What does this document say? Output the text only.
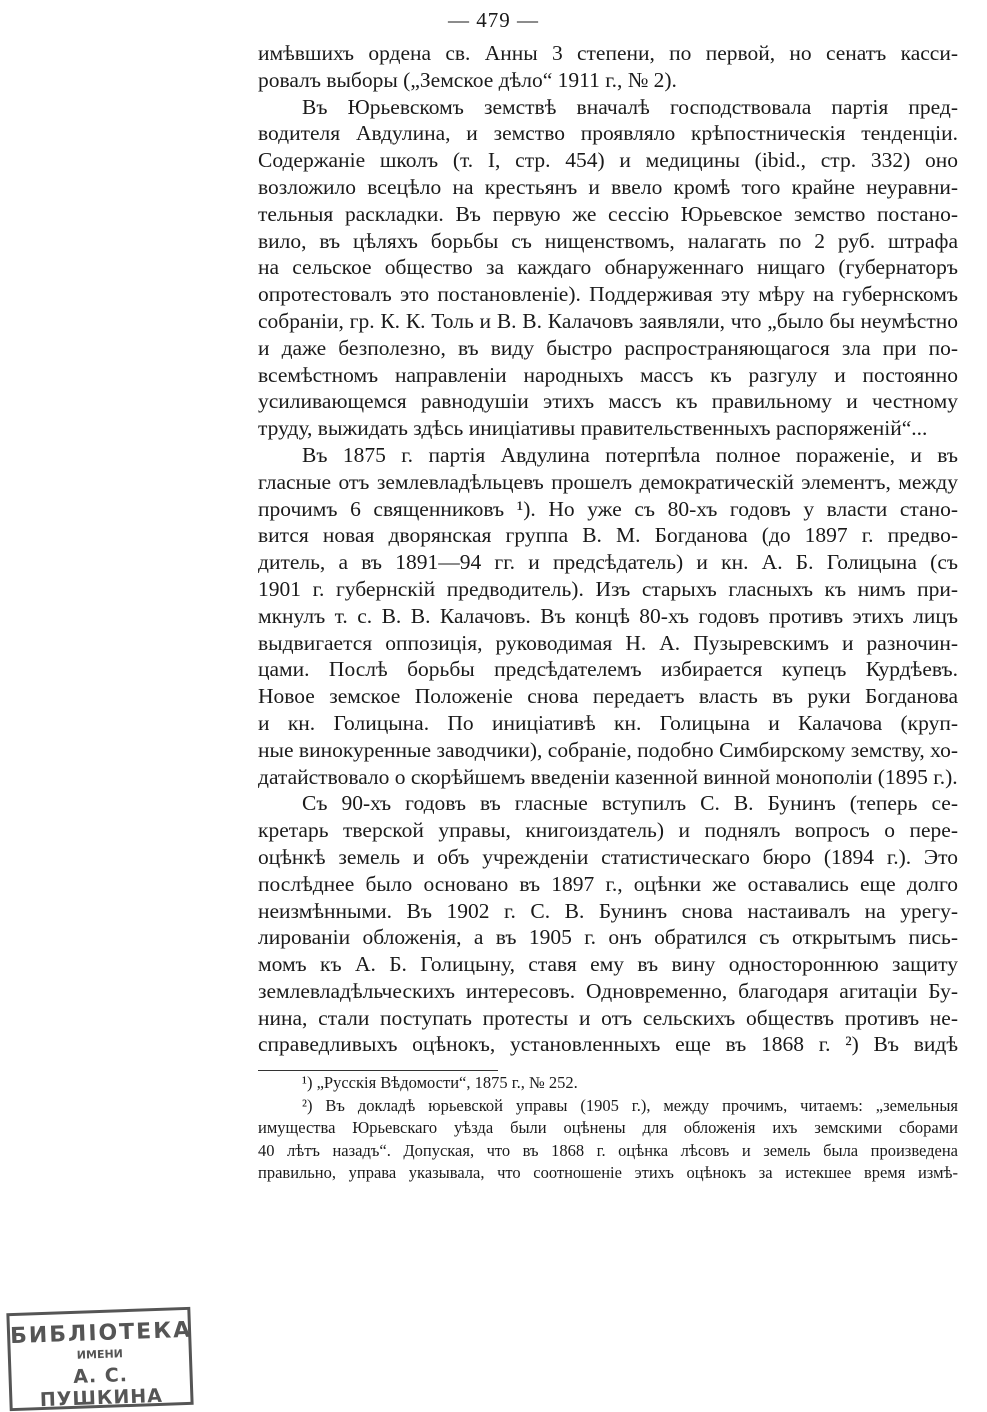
— 479 —
имѣвшихъ ордена св. Анны 3 степени, по первой, но сенатъ касси-
ровалъ выборы („Земское дѣло“ 1911 г., № 2).
Въ Юрьевскомъ земствѣ вначалѣ господствовала партія пред-
водителя Авдулина, и земство проявляло крѣпостническія тенденціи.
Содержаніе школъ (т. I, стр. 454) и медицины (ibid., стр. 332) оно
возложило всецѣло на крестьянъ и ввело кромѣ того крайне неуравни-
тельныя раскладки. Въ первую же сессію Юрьевское земство постано-
вило, въ цѣляхъ борьбы съ нищенствомъ, налагать по 2 руб. штрафа
на сельское общество за каждаго обнаруженнаго нищаго (губернаторъ
опротестовалъ это постановленіе). Поддерживая эту мѣру на губернскомъ
собраніи, гр. К. К. Толь и В. В. Калачовъ заявляли, что „было бы неумѣстно
и даже безполезно, въ виду быстро распространяющагося зла при по-
всемѣстномъ направленіи народныхъ массъ къ разгулу и постоянно
усиливающемся равнодушіи этихъ массъ къ правильному и честному
труду, выжидать здѣсь иниціативы правительственныхъ распоряженій“...
Въ 1875 г. партія Авдулина потерпѣла полное пораженіе, и въ
гласные отъ землевладѣльцевъ прошелъ демократическій элементъ, между
прочимъ 6 священниковъ ¹). Но уже съ 80-хъ годовъ у власти стано-
вится новая дворянская группа В. М. Богданова (до 1897 г. предво-
дитель, а въ 1891—94 гг. и предсѣдатель) и кн. А. Б. Голицына (съ
1901 г. губернскій предводитель). Изъ старыхъ гласныхъ къ нимъ при-
мкнулъ т. с. В. В. Калачовъ. Въ концѣ 80-хъ годовъ противъ этихъ лицъ
выдвигается оппозиція, руководимая Н. А. Пузыревскимъ и разночин-
цами. Послѣ борьбы предсѣдателемъ избирается купецъ Курдѣевъ.
Новое земское Положеніе снова передаетъ власть въ руки Богданова
и кн. Голицына. По иниціативѣ кн. Голицына и Калачова (круп-
ные винокуренные заводчики), собраніе, подобно Симбирскому земству, хо-
датайствовало о скорѣйшемъ введеніи казенной винной монополіи (1895 г.).
Съ 90-хъ годовъ въ гласные вступилъ С. В. Бунинъ (теперь се-
кретарь тверской управы, книгоиздатель) и поднялъ вопросъ о пере-
оцѣнкѣ земель и объ учрежденіи статистическаго бюро (1894 г.). Это
послѣднее было основано въ 1897 г., оцѣнки же оставались еще долго
неизмѣнными. Въ 1902 г. С. В. Бунинъ снова настаивалъ на урегу-
лированіи обложенія, а въ 1905 г. онъ обратился съ открытымъ пись-
момъ къ А. Б. Голицыну, ставя ему въ вину одностороннюю защиту
землевладѣльческихъ интересовъ. Одновременно, благодаря агитаціи Бу-
нина, стали поступать протесты и отъ сельскихъ обществъ противъ не-
справедливыхъ оцѣнокъ, установленныхъ еще въ 1868 г. ²) Въ видѣ
¹) „Русскія Вѣдомости“, 1875 г., № 252.
²) Въ докладѣ юрьевской управы (1905 г.), между прочимъ, читаемъ: „земельныя
имущества Юрьевскаго уѣзда были оцѣнены для обложенія ихъ земскими сборами
40 лѣтъ назадъ“. Допуская, что въ 1868 г. оцѣнка лѣсовъ и земель была произведена
правильно, управа указывала, что соотношеніе этихъ оцѣнокъ за истекшее время измѣ-
БИБЛІОТЕКА
ИМЕНИ
А. С. ПУШКИНА
